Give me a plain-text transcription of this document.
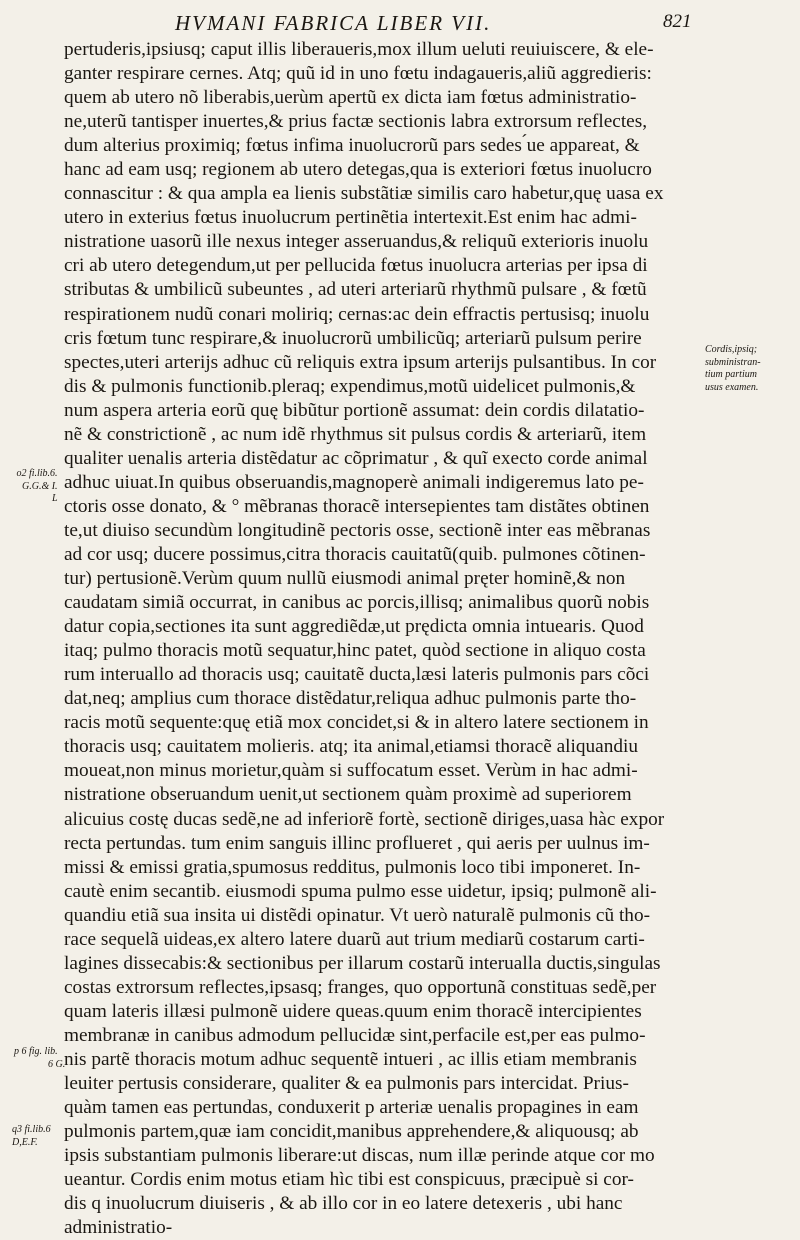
HVMANI FABRICA LIBER VII.	821
pertuderis,ipsiusq; caput illis liberaueris,mox illum ueluti reuiuiscere, & ele-
ganter respirare cernes. Atq; quũ id in uno fœtu indagaueris,aliũ aggredieris:
quem ab utero nõ liberabis,uerùm apertũ ex dicta iam fœtus administratio-
ne,uterũ tantisper inuertes,& prius factæ sectionis labra extrorsum reflectes,
dum alterius proximiq; fœtus infima inuolucrorũ pars sedes ́ue appareat, &
hanc ad eam usq; regionem ab utero detegas,qua is exteriori fœtus inuolucro
connascitur : & qua ampla ea lienis substãtiæ similis caro habetur,quę uasa ex
utero in exterius fœtus inuolucrum pertinẽtia intertexit.Est enim hac admi-
nistratione uasorũ ille nexus integer asseruandus,& reliquũ exterioris inuolu
cri ab utero detegendum,ut per pellucida fœtus inuolucra arterias per ipsa di
stributas & umbilicũ subeuntes , ad uteri arteriarũ rhythmũ pulsare , & fœtũ
respirationem nudũ conari moliriq; cernas:ac dein effractis pertusisq; inuolu
cris fœtum tunc respirare,& inuolucrorũ umbilicũq; arteriarũ pulsum perire
spectes,uteri arterijs adhuc cũ reliquis extra ipsum arterijs pulsantibus. In cor
dis & pulmonis functionib.pleraq; expendimus,motũ uidelicet pulmonis,&
num aspera arteria eorũ quę bibũtur portionẽ assumat: dein cordis dilatatio-
nẽ & constrictionẽ , ac num idẽ rhythmus sit pulsus cordis & arteriarũ, item
qualiter uenalis arteria distẽdatur ac cõprimatur , & quĩ execto corde animal
adhuc uiuat.In quibus obseruandis,magnoperè animali indigeremus lato pe-
ctoris osse donato, & ° mẽbranas thoracẽ intersepientes tam distãtes obtinen
te,ut diuiso secundùm longitudinẽ pectoris osse, sectionẽ inter eas mẽbranas
ad cor usq; ducere possimus,citra thoracis cauitatũ(quib. pulmones cõtinen-
tur) pertusionẽ.Verùm quum nullũ eiusmodi animal pręter hominẽ,& non
caudatam simiã occurrat, in canibus ac porcis,illisq; animalibus quorũ nobis
datur copia,sectiones ita sunt aggrediẽdæ,ut prędicta omnia intuearis. Quod
itaq; pulmo thoracis motũ sequatur,hinc patet, quòd sectione in aliquo costa
rum interuallo ad thoracis usq; cauitatẽ ducta,læsi lateris pulmonis pars cõci
dat,neq; amplius cum thorace distẽdatur,reliqua adhuc pulmonis parte tho-
racis motũ sequente:quę etiã mox concidet,si & in altero latere sectionem in
thoracis usq; cauitatem molieris. atq; ita animal,etiamsi thoracẽ aliquandiu
moueat,non minus morietur,quàm si suffocatum esset. Verùm in hac admi-
nistratione obseruandum uenit,ut sectionem quàm proximè ad superiorem
alicuius costę ducas sedẽ,ne ad inferiorẽ fortè, sectionẽ diriges,uasa hàc expor
recta pertundas. tum enim sanguis illinc proflueret , qui aeris per uulnus im-
missi & emissi gratia,spumosus redditus, pulmonis loco tibi imponeret. In-
cautè enim secantib. eiusmodi spuma pulmo esse uidetur, ipsiq; pulmonẽ ali-
quandiu etiã sua insita ui distẽdi opinatur. Vt uerò naturalẽ pulmonis cũ tho-
race sequelã uideas,ex altero latere duarũ aut trium mediarũ costarum carti-
lagines dissecabis:& sectionibus per illarum costarũ interualla ductis,singulas
costas extrorsum reflectes,ipsasq; franges, quo opportunã constituas sedẽ,per
quam lateris illæsi pulmonẽ uidere queas.quum enim thoracẽ intercipientes
membranæ in canibus admodum pellucidæ sint,perfacile est,per eas pulmo-
nis partẽ thoracis motum adhuc sequentẽ intueri , ac illis etiam membranis
leuiter pertusis considerare, qualiter & ea pulmonis pars intercidat. Prius-
quàm tamen eas pertundas, conduxerit p arteriæ uenalis propagines in eam
pulmonis partem,quæ iam concidit,manibus apprehendere,& aliquousq; ab
ipsis substantiam pulmonis liberare:ut discas, num illæ perinde atque cor mo
ueantur. Cordis enim motus etiam hìc tibi est conspicuus, præcipuè si cor-
dis q inuolucrum diuiseris , & ab illo cor in eo latere detexeris , ubi hanc
administratio-
Cordis,ipsiq;
subministran-
tium partium
usus examen.
o2 fi.lib.6.
G.G.& I.
L
p 6 fig. lib.
6 G.
q3 fi.lib.6
D,E.F.
